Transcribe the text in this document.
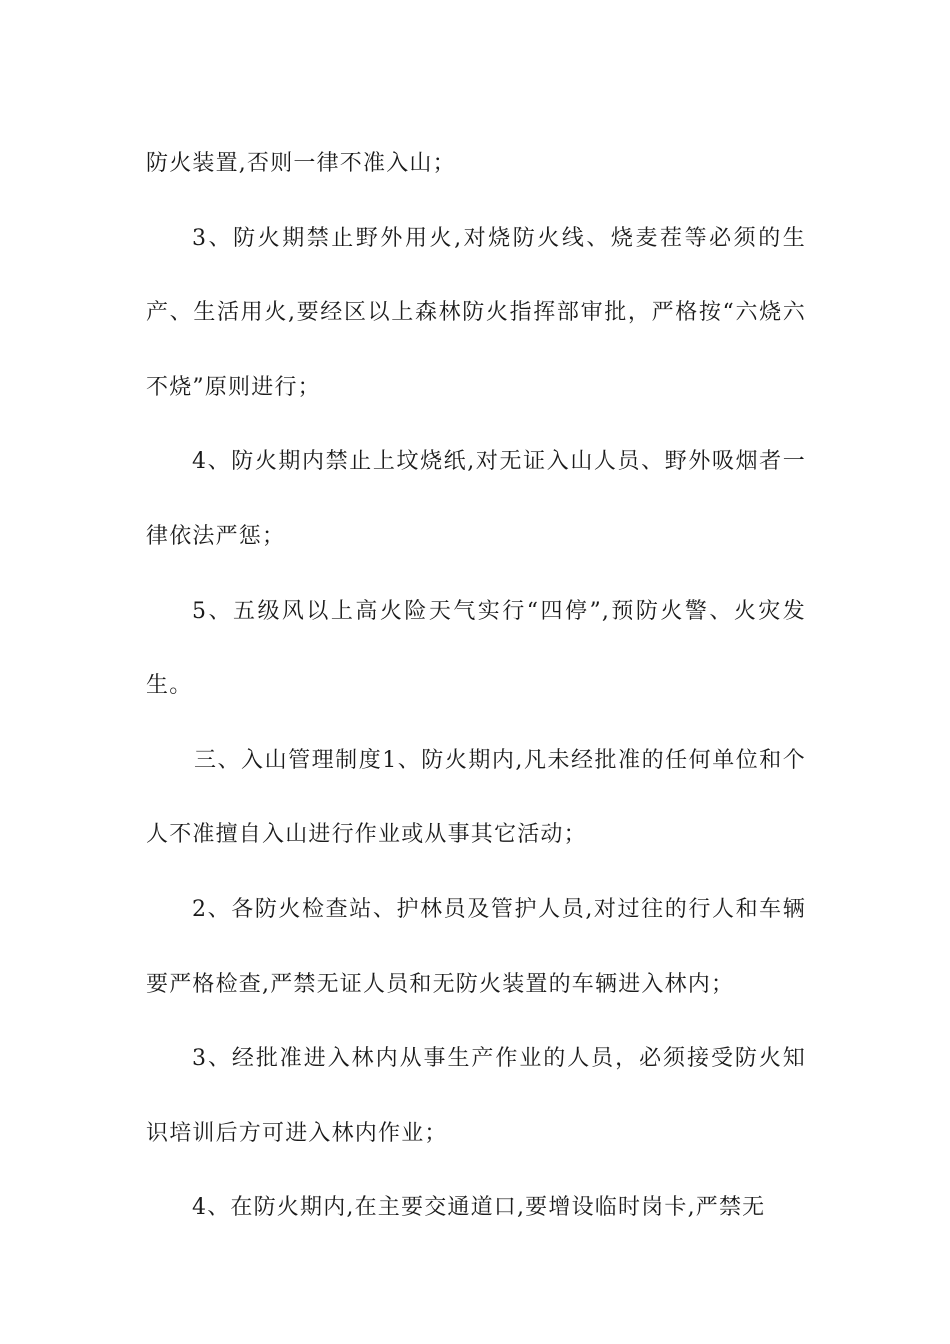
防火装置,否则一律不准入山；

3、防火期禁止野外用火,对烧防火线、烧麦茬等必须的生产、生活用火,要经区以上森林防火指挥部审批，严格按“六烧六不烧”原则进行；

4、防火期内禁止上坟烧纸,对无证入山人员、野外吸烟者一律依法严惩；

5、五级风以上高火险天气实行“四停”,预防火警、火灾发生。

三、入山管理制度1、防火期内,凡未经批准的任何单位和个人不准擅自入山进行作业或从事其它活动；

2、各防火检查站、护林员及管护人员,对过往的行人和车辆要严格检查,严禁无证人员和无防火装置的车辆进入林内；

3、经批准进入林内从事生产作业的人员，必须接受防火知识培训后方可进入林内作业；

4、在防火期内,在主要交通道口,要增设临时岗卡,严禁无
